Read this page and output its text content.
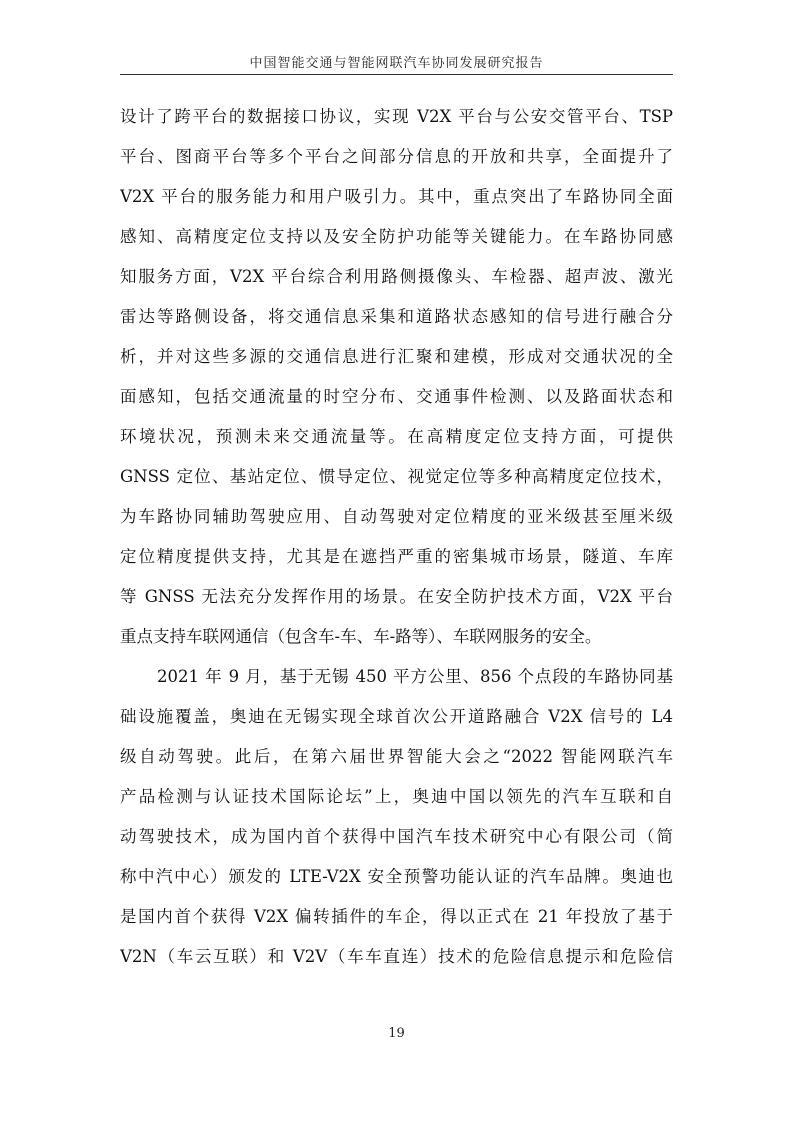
中国智能交通与智能网联汽车协同发展研究报告
设计了跨平台的数据接口协议，实现 V2X 平台与公安交管平台、TSP
平台、图商平台等多个平台之间部分信息的开放和共享，全面提升了
V2X 平台的服务能力和用户吸引力。其中，重点突出了车路协同全面
感知、高精度定位支持以及安全防护功能等关键能力。在车路协同感
知服务方面，V2X 平台综合利用路侧摄像头、车检器、超声波、激光
雷达等路侧设备，将交通信息采集和道路状态感知的信号进行融合分
析，并对这些多源的交通信息进行汇聚和建模，形成对交通状况的全
面感知，包括交通流量的时空分布、交通事件检测、以及路面状态和
环境状况，预测未来交通流量等。在高精度定位支持方面，可提供
GNSS 定位、基站定位、惯导定位、视觉定位等多种高精度定位技术，
为车路协同辅助驾驶应用、自动驾驶对定位精度的亚米级甚至厘米级
定位精度提供支持，尤其是在遮挡严重的密集城市场景，隧道、车库
等 GNSS 无法充分发挥作用的场景。在安全防护技术方面，V2X 平台
重点支持车联网通信（包含车-车、车-路等）、车联网服务的安全。
2021 年 9 月，基于无锡 450 平方公里、856 个点段的车路协同基
础设施覆盖，奥迪在无锡实现全球首次公开道路融合 V2X 信号的 L4
级自动驾驶。此后，在第六届世界智能大会之“2022 智能网联汽车
产品检测与认证技术国际论坛”上，奥迪中国以领先的汽车互联和自
动驾驶技术，成为国内首个获得中国汽车技术研究中心有限公司（简
称中汽中心）颁发的 LTE-V2X 安全预警功能认证的汽车品牌。奥迪也
是国内首个获得 V2X 偏转插件的车企，得以正式在 21 年投放了基于
V2N（车云互联）和 V2V（车车直连）技术的危险信息提示和危险信
19
